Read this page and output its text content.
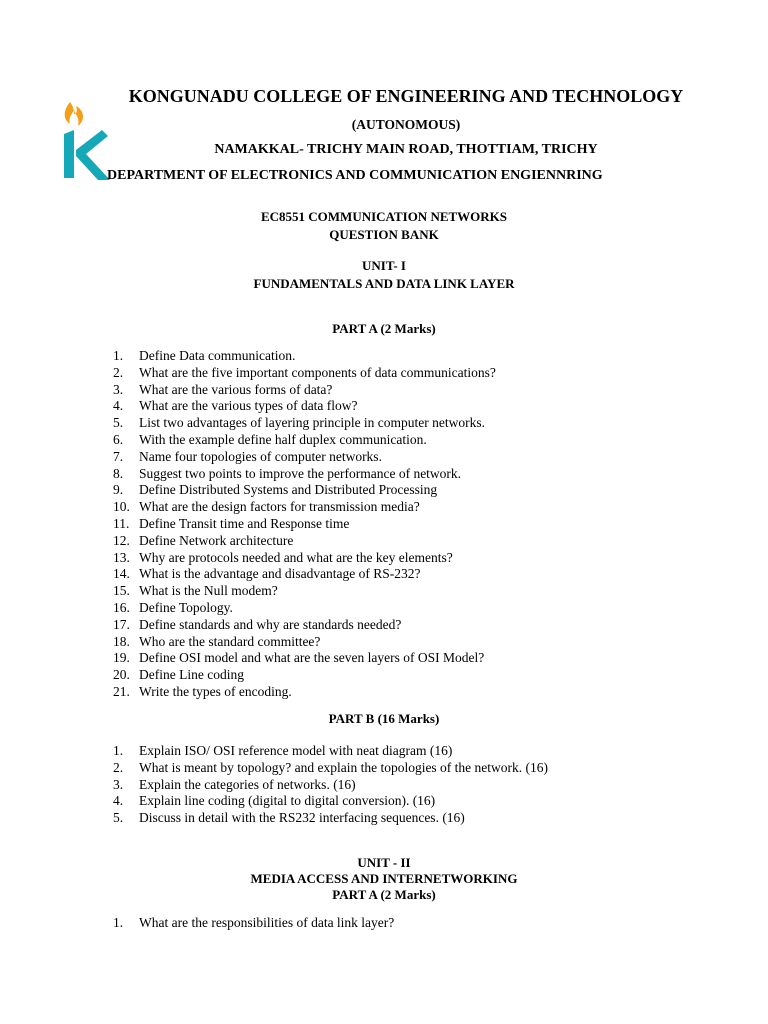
KONGUNADU COLLEGE OF ENGINEERING AND TECHNOLOGY
(AUTONOMOUS)
NAMAKKAL- TRICHY MAIN ROAD, THOTTIAM, TRICHY
DEPARTMENT OF ELECTRONICS AND COMMUNICATION ENGIENNRING
EC8551 COMMUNICATION NETWORKS
QUESTION BANK
UNIT- I
FUNDAMENTALS AND DATA LINK LAYER
PART A (2 Marks)
1. Define Data communication.
2. What are the five important components of data communications?
3. What are the various forms of data?
4. What are the various types of data flow?
5. List two advantages of layering principle in computer networks.
6. With the example define half duplex communication.
7. Name four topologies of computer networks.
8. Suggest two points to improve the performance of network.
9. Define Distributed Systems and Distributed Processing
10. What are the design factors for transmission media?
11. Define Transit time and Response time
12. Define Network architecture
13. Why are protocols needed and what are the key elements?
14. What is the advantage and disadvantage of RS-232?
15. What is the Null modem?
16. Define Topology.
17. Define standards and why are standards needed?
18. Who are the standard committee?
19. Define OSI model and what are the seven layers of OSI Model?
20. Define Line coding
21. Write the types of encoding.
PART B (16 Marks)
1. Explain ISO/ OSI reference model with neat diagram (16)
2. What is meant by topology? and explain the topologies of the network. (16)
3. Explain the categories of networks. (16)
4. Explain line coding (digital to digital conversion). (16)
5. Discuss in detail with the RS232 interfacing sequences. (16)
UNIT - II
MEDIA ACCESS AND INTERNETWORKING
PART A (2 Marks)
1. What are the responsibilities of data link layer?
